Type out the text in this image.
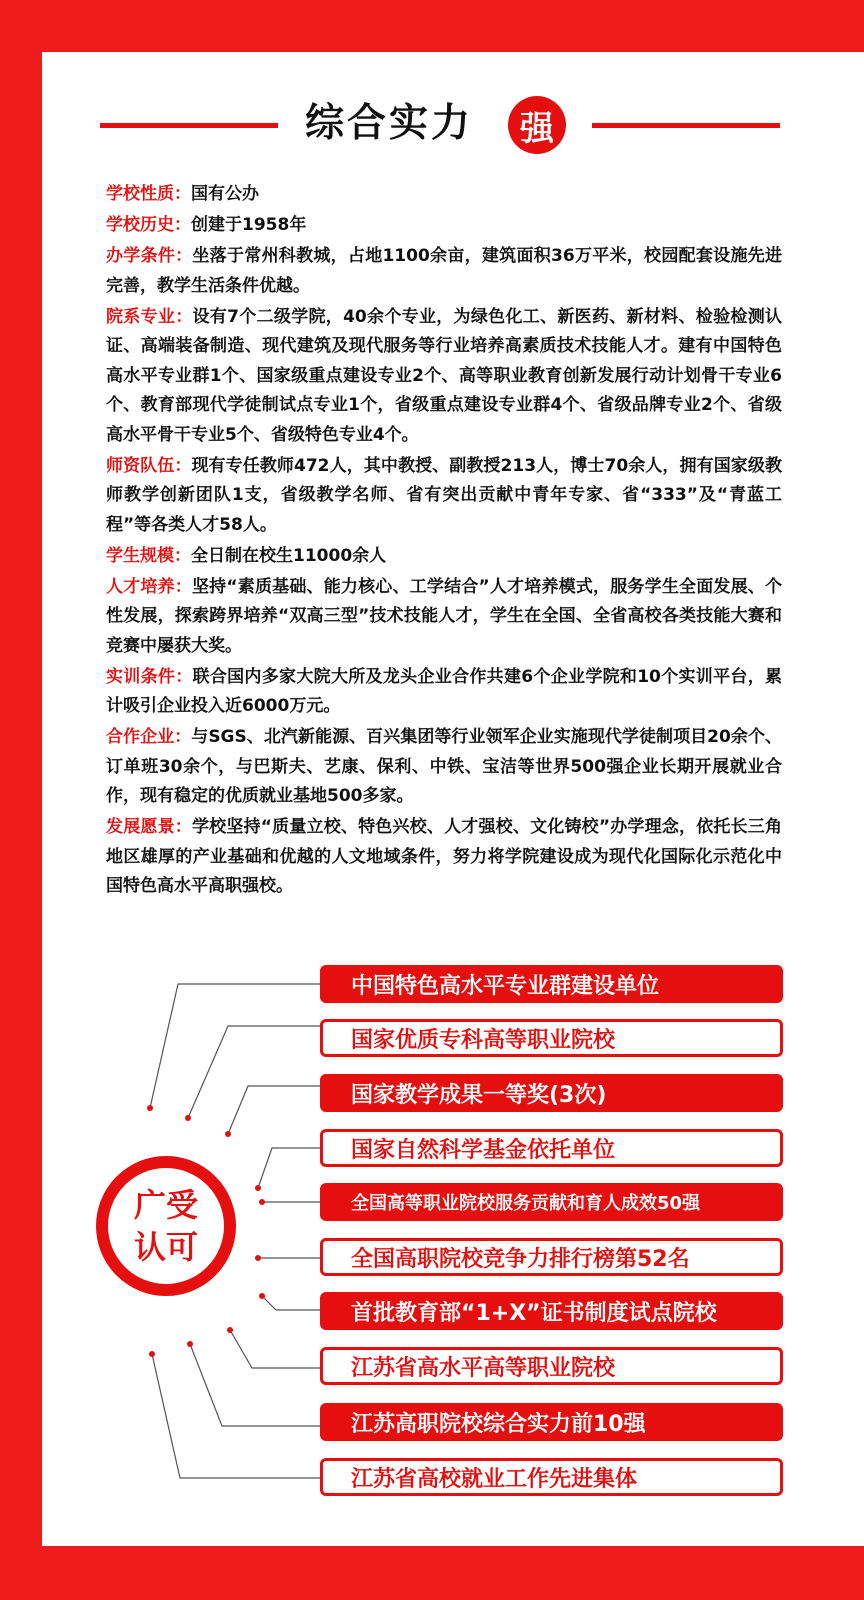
综合实力	强

学校性质：国有公办

学校历史：创建于1958年

办学条件：坐落于常州科教城，占地1100余亩，建筑面积36万平米，校园配套设施先进完善，教学生活条件优越。

院系专业：设有7个二级学院，40余个专业，为绿色化工、新医药、新材料、检验检测认证、高端装备制造、现代建筑及现代服务等行业培养高素质技术技能人才。建有中国特色高水平专业群1个、国家级重点建设专业2个、高等职业教育创新发展行动计划骨干专业6个、教育部现代学徒制试点专业1个，省级重点建设专业群4个、省级品牌专业2个、省级高水平骨干专业5个、省级特色专业4个。

师资队伍：现有专任教师472人，其中教授、副教授213人，博士70余人，拥有国家级教师教学创新团队1支，省级教学名师、省有突出贡献中青年专家、省“333”及“青蓝工程”等各类人才58人。

学生规模：全日制在校生11000余人

人才培养：坚持“素质基础、能力核心、工学结合”人才培养模式，服务学生全面发展、个性发展，探索跨界培养“双高三型”技术技能人才，学生在全国、全省高校各类技能大赛和竞赛中屡获大奖。

实训条件：联合国内多家大院大所及龙头企业合作共建6个企业学院和10个实训平台，累计吸引企业投入近6000万元。

合作企业：与SGS、北汽新能源、百兴集团等行业领军企业实施现代学徒制项目20余个、订单班30余个，与巴斯夫、艺康、保利、中铁、宝洁等世界500强企业长期开展就业合作，现有稳定的优质就业基地500多家。

发展愿景：学校坚持“质量立校、特色兴校、人才强校、文化铸校”办学理念，依托长三角地区雄厚的产业基础和优越的人文地域条件，努力将学院建设成为现代化国际化示范化中国特色高水平高职强校。

广受
认可
中国特色高水平专业群建设单位
国家优质专科高等职业院校
国家教学成果一等奖(3次)
国家自然科学基金依托单位
全国高等职业院校服务贡献和育人成效50强
全国高职院校竞争力排行榜第52名
首批教育部“1+X”证书制度试点院校
江苏省高水平高等职业院校
江苏高职院校综合实力前10强
江苏省高校就业工作先进集体
